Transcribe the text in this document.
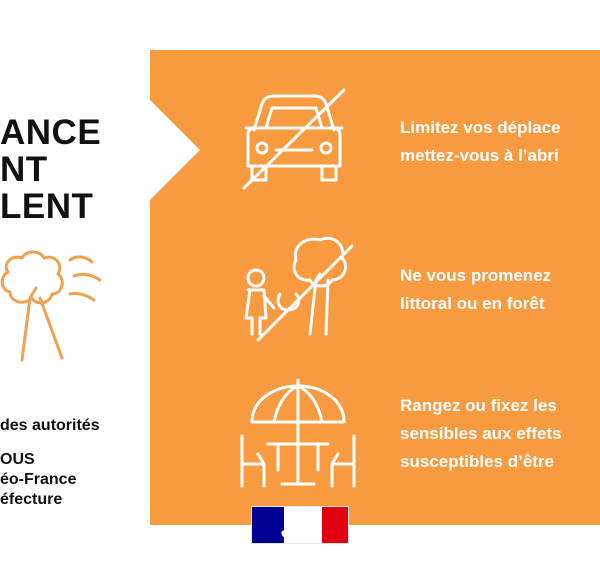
ANCE
NT
LENT
des autorités
OUS
éo-France
éfecture
Limitez vos déplace
mettez-vous à l’abri
Ne vous promenez
littoral ou en forêt
Rangez ou fixez les
sensibles aux effets
susceptibles d’être
